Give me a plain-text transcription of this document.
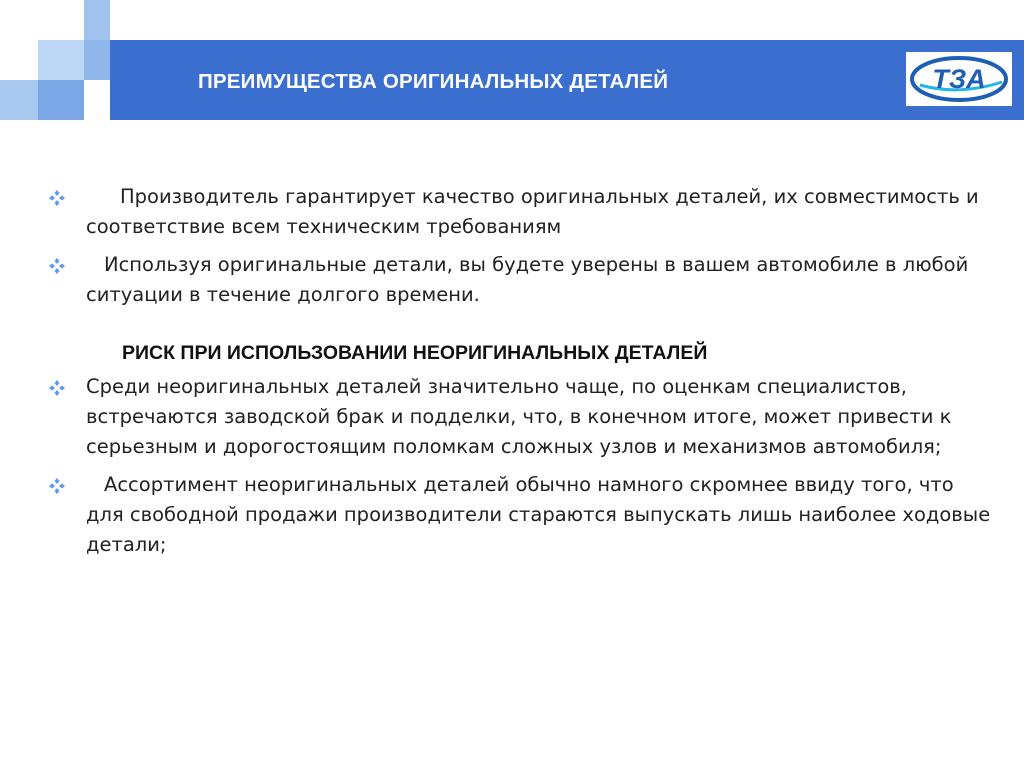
ПРЕИМУЩЕСТВА ОРИГИНАЛЬНЫХ ДЕТАЛЕЙ	ТЗА
Производитель гарантирует качество оригинальных деталей, их совместимость и соответствие всем техническим требованиям
Используя оригинальные детали, вы будете уверены в вашем автомобиле в любой ситуации в течение долгого времени.
РИСК ПРИ ИСПОЛЬЗОВАНИИ НЕОРИГИНАЛЬНЫХ ДЕТАЛЕЙ
Среди неоригинальных деталей значительно чаще, по оценкам специалистов, встречаются заводской брак и подделки, что, в конечном итоге, может привести к серьезным и дорогостоящим поломкам сложных узлов и механизмов автомобиля;
Ассортимент неоригинальных деталей обычно намного скромнее ввиду того, что для свободной продажи производители стараются выпускать лишь наиболее ходовые детали;
